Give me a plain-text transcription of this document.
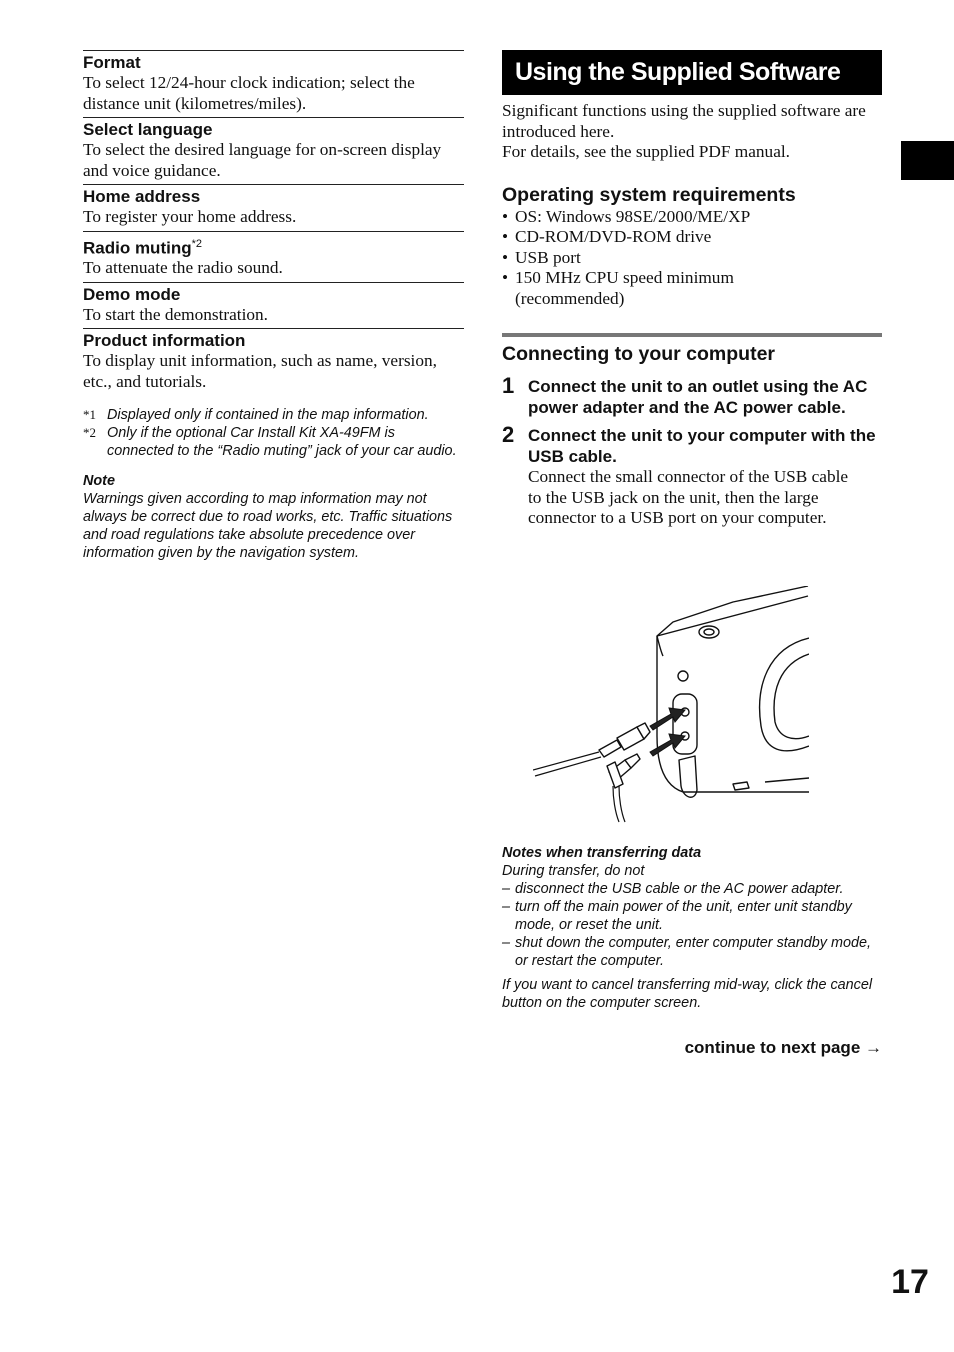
Format

To select 12/24-hour clock indication; select the distance unit (kilometres/miles).

Select language

To select the desired language for on-screen display and voice guidance.

Home address

To register your home address.

Radio muting$^{*2}$

To attenuate the radio sound.

Demo mode

To start the demonstration.

Product information

To display unit information, such as name, version, etc., and tutorials.

*1 Displayed only if contained in the map information.
*2 Only if the optional Car Install Kit XA-49FM is connected to the “Radio muting” jack of your car audio.
Note

Warnings given according to map information may not always be correct due to road works, etc. Traffic situations and road regulations take absolute precedence over information given by the navigation system.

Using the Supplied Software

Significant functions using the supplied software are introduced here.
For details, see the supplied PDF manual.

Operating system requirements
• OS: Windows 98SE/2000/ME/XP
• CD-ROM/DVD-ROM drive
• USB port
• 150 MHz CPU speed minimum (recommended)
Connecting to your computer
1 Connect the unit to an outlet using the AC power adapter and the AC power cable.

2 Connect the unit to your computer with the USB cable.

Connect the small connector of the USB cable to the USB jack on the unit, then the large connector to a USB port on your computer.

Notes when transferring data

During transfer, do not

– disconnect the USB cable or the AC power adapter.
– turn off the main power of the unit, enter unit standby mode, or reset the unit.
– shut down the computer, enter computer standby mode, or restart the computer.

If you want to cancel transferring mid-way, click the cancel button on the computer screen.

continue to next page →
17
